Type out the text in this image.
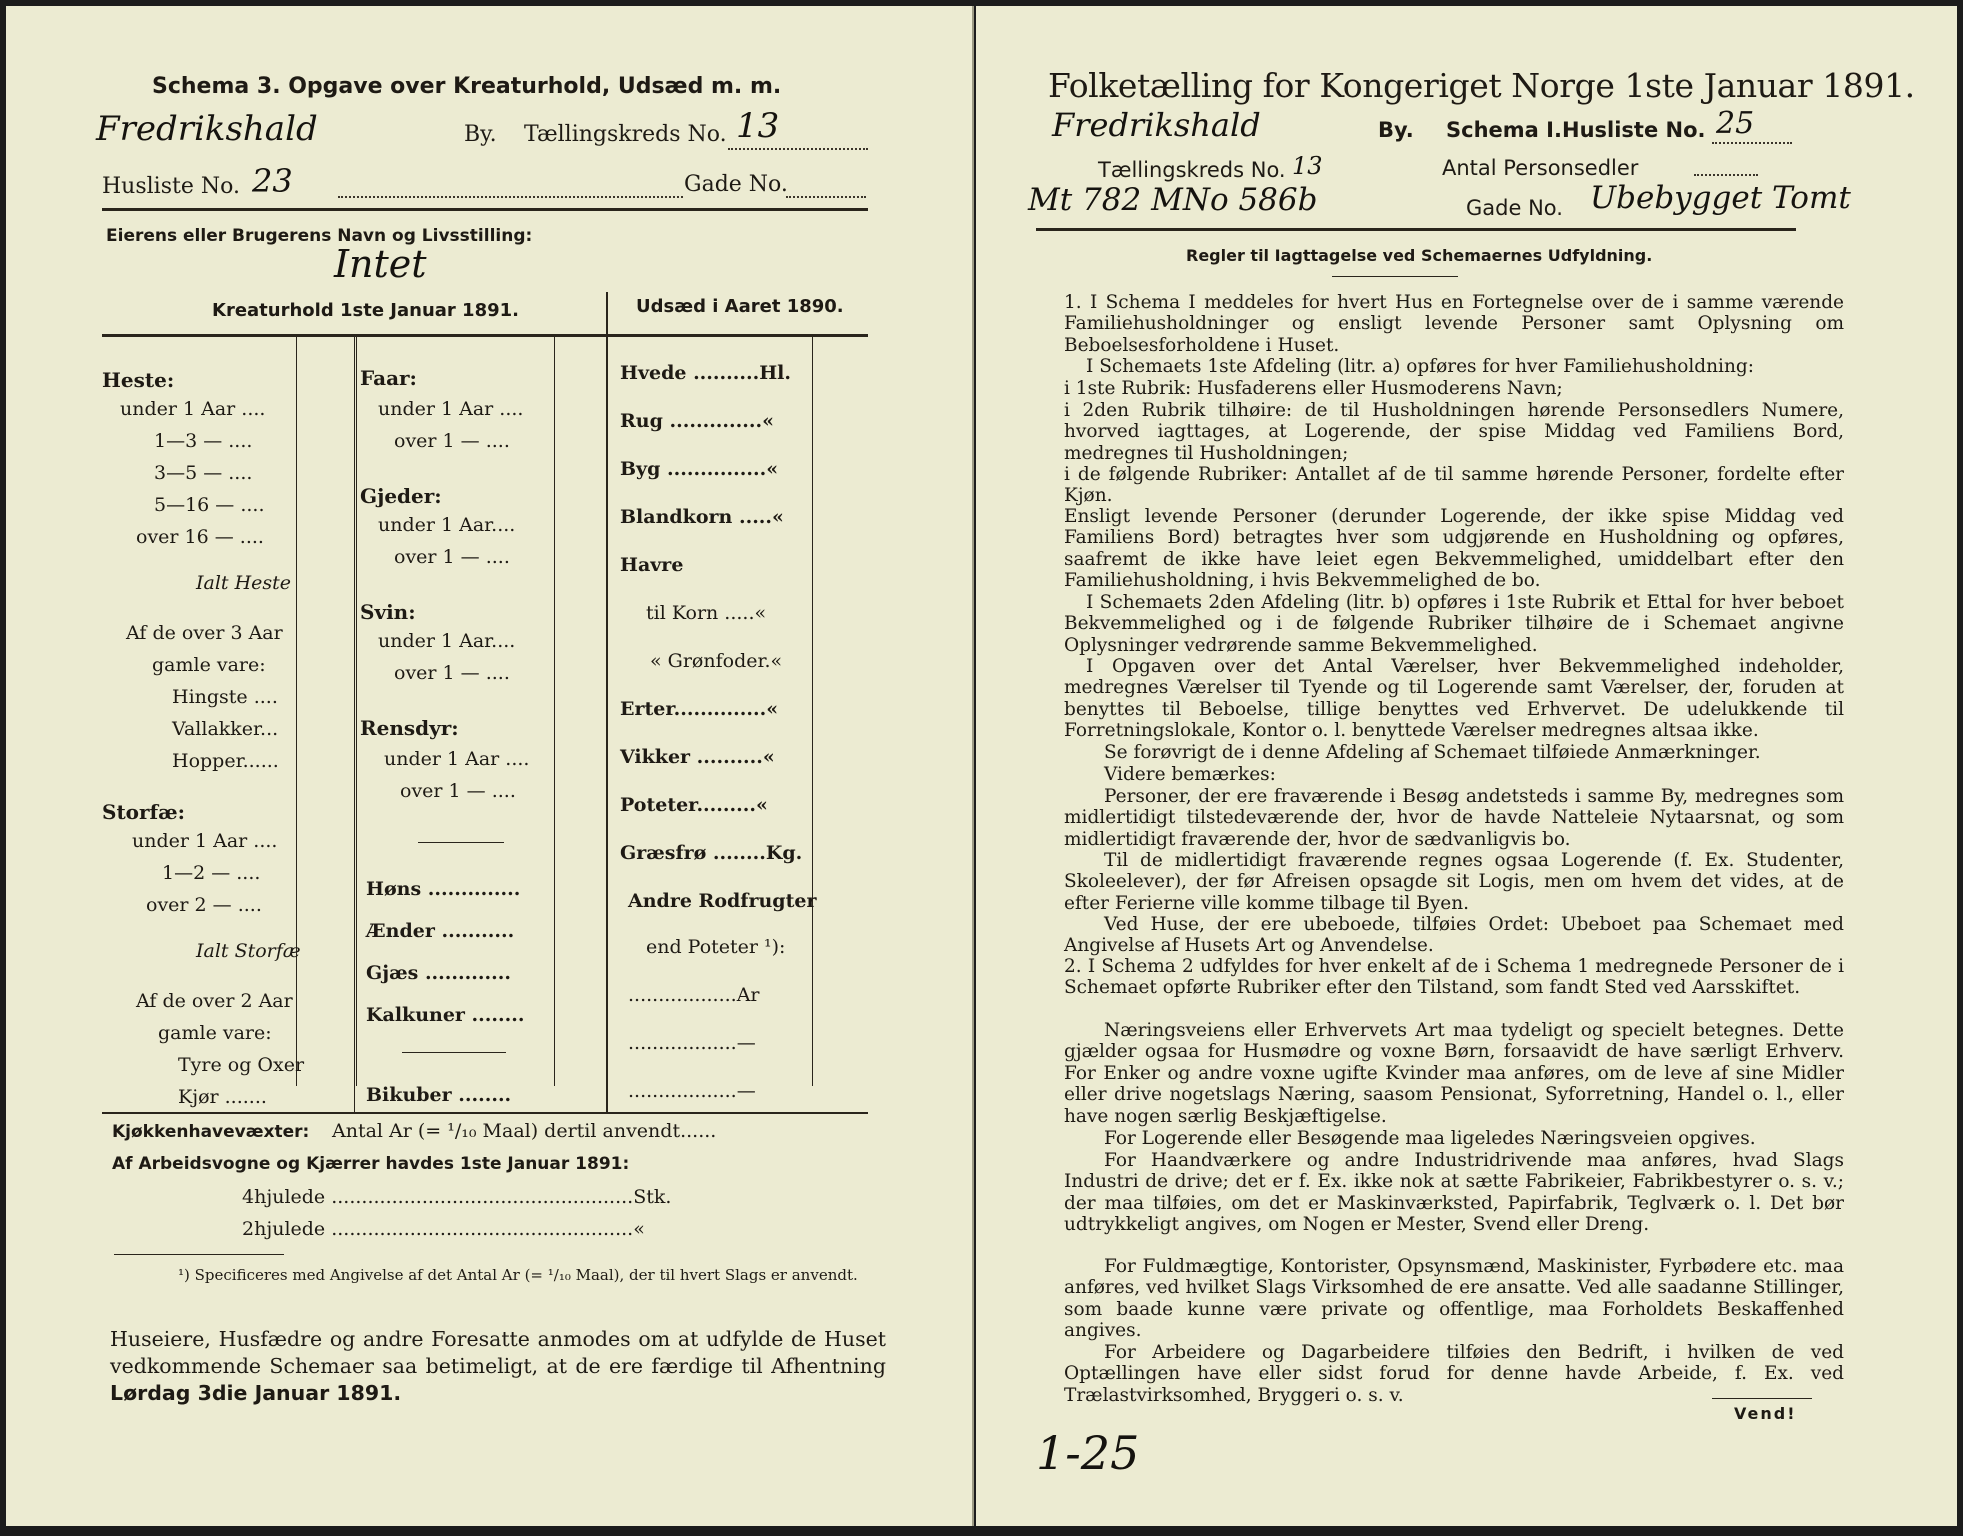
Schema 3. Opgave over Kreaturhold, Udsæd m. m.
Fredrikshald	By. Tællingskreds No. 13
Husliste No. 23	Gade No.
Eierens eller Brugerens Navn og Livsstilling:
Intet
Kreaturhold 1ste Januar 1891.	Udsæd i Aaret 1890.
Heste:
under 1 Aar ....
1—3 — ....
3—5 — ....
5—16 — ....
over 16 — ....
Ialt Heste
Af de over 3 Aar
gamle vare:
Hingste ....
Vallakker...
Hopper......
Storfæ:
under 1 Aar ....
1—2 — ....
over 2 — ....
Ialt Storfæ
Af de over 2 Aar
gamle vare:
Tyre og Oxer
Kjør .......
Faar:
under 1 Aar ....
over 1 — ....
Gjeder:
under 1 Aar....
over 1 — ....
Svin:
under 1 Aar....
over 1 — ....
Rensdyr:
under 1 Aar ....
over 1 — ....
Høns ..............
Ænder ...........
Gjæs .............
Kalkuner ........
Bikuber ........
Hvede ..........Hl.
Rug ..............«
Byg ...............«
Blandkorn .....«
Havre
til Korn .....«
« Grønfoder.«
Erter..............«
Vikker ..........«
Poteter.........«
Græsfrø ........Kg.
Andre Rodfrugter
end Poteter ¹):
..................Ar
..................—
..................—
Kjøkkenhavevæxter: Antal Ar (= ¹/₁₀ Maal) dertil anvendt......
Af Arbeidsvogne og Kjærrer havdes 1ste Januar 1891:
4hjulede ..................................................Stk.
2hjulede ..................................................«
¹) Specificeres med Angivelse af det Antal Ar (= ¹/₁₀ Maal), der til hvert Slags er anvendt.
Huseiere, Husfædre og andre Foresatte anmodes om at udfylde de Huset vedkommende Schemaer saa betimeligt, at de ere færdige til Afhentning Lørdag 3die Januar 1891.
Folketælling for Kongeriget Norge 1ste Januar 1891.
Fredrikshald	By. Schema I. Husliste No. 25
Tællingskreds No. 13	Antal Personsedler
Mt 782 MNo 586b	Gade No. Ubebygget Tomt
Regler til Iagttagelse ved Schemaernes Udfyldning.

1. I Schema I meddeles for hvert Hus en Fortegnelse over de i samme værende Familiehusholdninger og ensligt levende Personer samt Oplysning om Beboelsesforholdene i Huset.

I Schemaets 1ste Afdeling (litr. a) opføres for hver Familiehusholdning:

i 1ste Rubrik: Husfaderens eller Husmoderens Navn;

i 2den Rubrik tilhøire: de til Husholdningen hørende Personsedlers Numere, hvorved iagttages, at Logerende, der spise Middag ved Familiens Bord, medregnes til Husholdningen;

i de følgende Rubriker: Antallet af de til samme hørende Personer, fordelte efter Kjøn.

Ensligt levende Personer (derunder Logerende, der ikke spise Middag ved Familiens Bord) betragtes hver som udgjørende en Husholdning og opføres, saafremt de ikke have leiet egen Bekvemmelighed, umiddelbart efter den Familiehusholdning, i hvis Bekvemmelighed de bo.

I Schemaets 2den Afdeling (litr. b) opføres i 1ste Rubrik et Ettal for hver beboet Bekvemmelighed og i de følgende Rubriker tilhøire de i Schemaet angivne Oplysninger vedrørende samme Bekvemmelighed.

I Opgaven over det Antal Værelser, hver Bekvemmelighed indeholder, medregnes Værelser til Tyende og til Logerende samt Værelser, der, foruden at benyttes til Beboelse, tillige benyttes ved Erhvervet. De udelukkende til Forretningslokale, Kontor o. l. benyttede Værelser medregnes altsaa ikke.

Se forøvrigt de i denne Afdeling af Schemaet tilføiede Anmærkninger.

Videre bemærkes:

Personer, der ere fraværende i Besøg andetsteds i samme By, medregnes som midlertidigt tilstedeværende der, hvor de havde Natteleie Nytaarsnat, og som midlertidigt fraværende der, hvor de sædvanligvis bo.

Til de midlertidigt fraværende regnes ogsaa Logerende (f. Ex. Studenter, Skoleelever), der før Afreisen opsagde sit Logis, men om hvem det vides, at de efter Ferierne ville komme tilbage til Byen.

Ved Huse, der ere ubeboede, tilføies Ordet: Ubeboet paa Schemaet med Angivelse af Husets Art og Anvendelse.

2. I Schema 2 udfyldes for hver enkelt af de i Schema 1 medregnede Personer de i Schemaet opførte Rubriker efter den Tilstand, som fandt Sted ved Aarsskiftet.

Næringsveiens eller Erhvervets Art maa tydeligt og specielt betegnes. Dette gjælder ogsaa for Husmødre og voxne Børn, forsaavidt de have særligt Erhverv. For Enker og andre voxne ugifte Kvinder maa anføres, om de leve af sine Midler eller drive nogetslags Næring, saasom Pensionat, Syforretning, Handel o. l., eller have nogen særlig Beskjæftigelse.

For Logerende eller Besøgende maa ligeledes Næringsveien opgives.

For Haandværkere og andre Industridrivende maa anføres, hvad Slags Industri de drive; det er f. Ex. ikke nok at sætte Fabrikeier, Fabrikbestyrer o. s. v.; der maa tilføies, om det er Maskinværksted, Papirfabrik, Teglværk o. l. Det bør udtrykkeligt angives, om Nogen er Mester, Svend eller Dreng.

For Fuldmægtige, Kontorister, Opsynsmænd, Maskinister, Fyrbødere etc. maa anføres, ved hvilket Slags Virksomhed de ere ansatte. Ved alle saadanne Stillinger, som baade kunne være private og offentlige, maa Forholdets Beskaffenhed angives.

For Arbeidere og Dagarbeidere tilføies den Bedrift, i hvilken de ved Optællingen have eller sidst forud for denne havde Arbeide, f. Ex. ved Trælastvirksomhed, Bryggeri o. s. v.

Vend!
1-25
